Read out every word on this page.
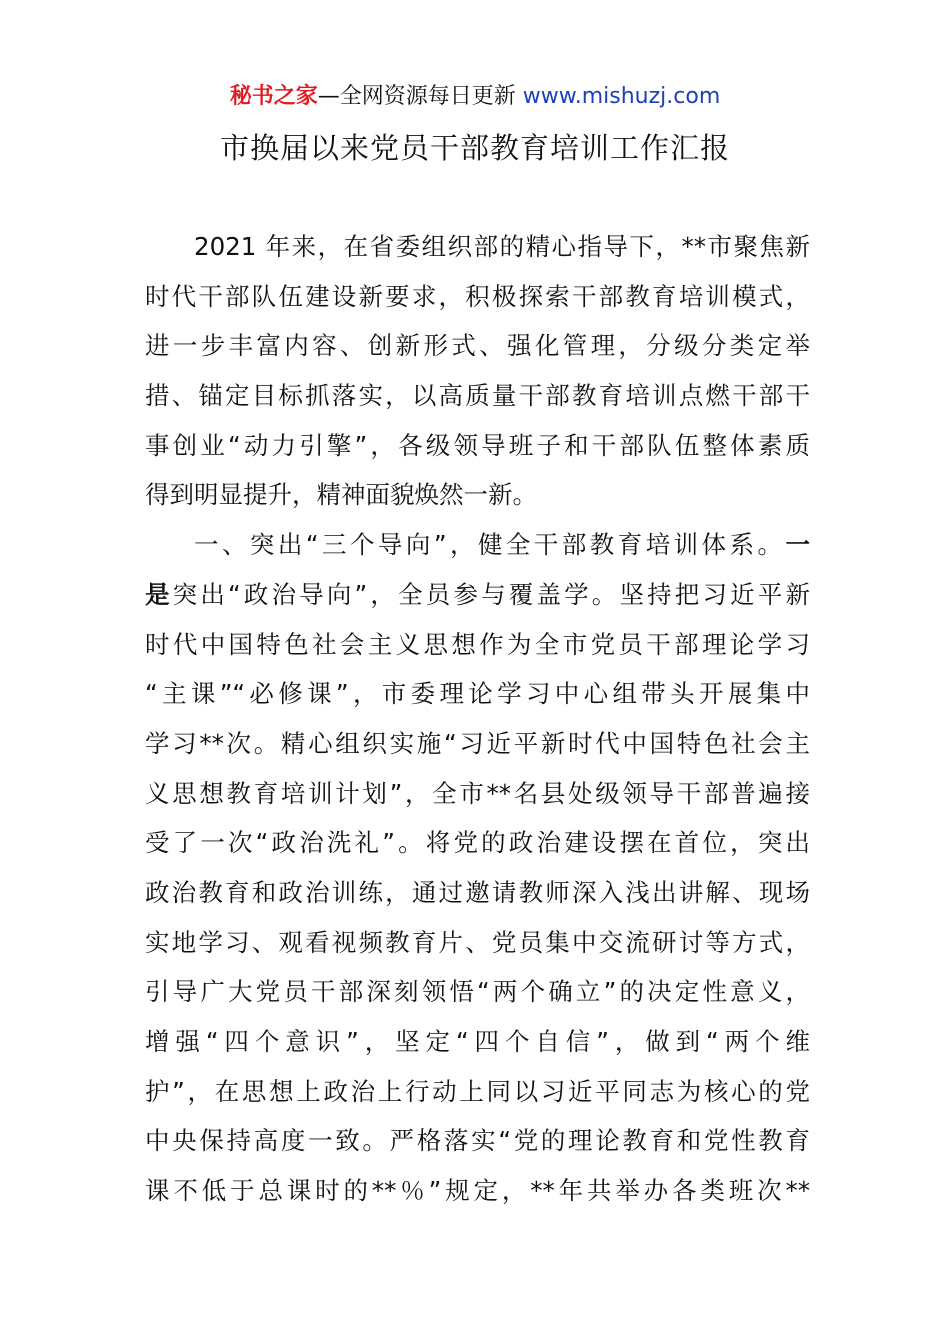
秘书之家—全网资源每日更新 www.mishuzj.com
市换届以来党员干部教育培训工作汇报
2021 年来，在省委组织部的精心指导下，**市聚焦新
时代干部队伍建设新要求，积极探索干部教育培训模式，
进一步丰富内容、创新形式、强化管理，分级分类定举
措、锚定目标抓落实，以高质量干部教育培训点燃干部干
事创业“动力引擎”，各级领导班子和干部队伍整体素质
得到明显提升，精神面貌焕然一新。
一、突出“三个导向”，健全干部教育培训体系。一
是突出“政治导向”，全员参与覆盖学。坚持把习近平新
时代中国特色社会主义思想作为全市党员干部理论学习
“主课”“必修课”，市委理论学习中心组带头开展集中
学习**次。精心组织实施“习近平新时代中国特色社会主
义思想教育培训计划”，全市**名县处级领导干部普遍接
受了一次“政治洗礼”。将党的政治建设摆在首位，突出
政治教育和政治训练，通过邀请教师深入浅出讲解、现场
实地学习、观看视频教育片、党员集中交流研讨等方式，
引导广大党员干部深刻领悟“两个确立”的决定性意义，
增强“四个意识”，坚定“四个自信”，做到“两个维
护”，在思想上政治上行动上同以习近平同志为核心的党
中央保持高度一致。严格落实“党的理论教育和党性教育
课不低于总课时的**％”规定，**年共举办各类班次**
